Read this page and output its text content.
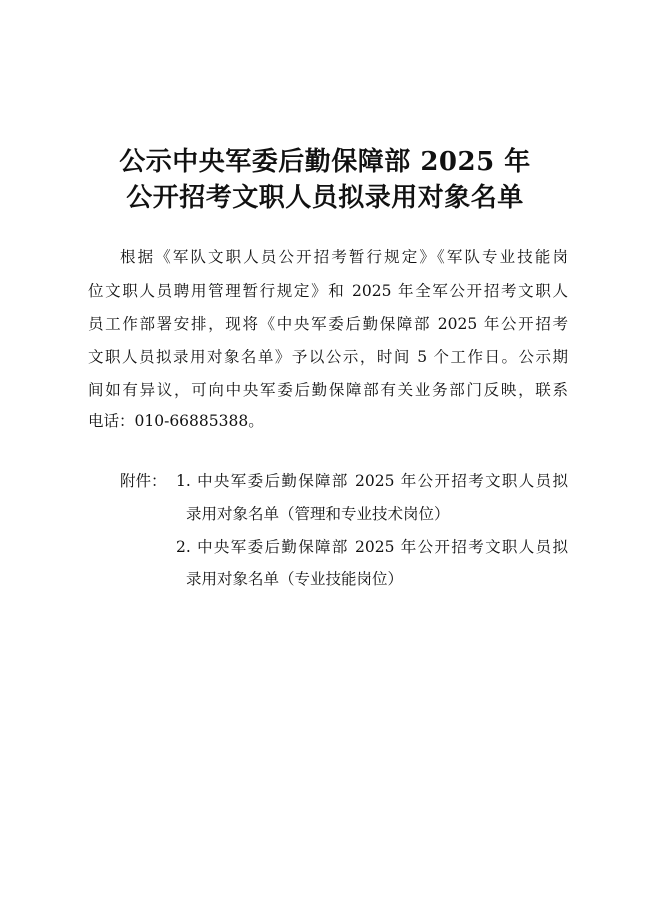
公示中央军委后勤保障部 2025 年
公开招考文职人员拟录用对象名单
根据《军队文职人员公开招考暂行规定》《军队专业技能岗
位文职人员聘用管理暂行规定》和 2025 年全军公开招考文职人
员工作部署安排，现将《中央军委后勤保障部 2025 年公开招考
文职人员拟录用对象名单》予以公示，时间 5 个工作日。公示期
间如有异议，可向中央军委后勤保障部有关业务部门反映，联系
电话：010-66885388。
附件： 1. 中央军委后勤保障部 2025 年公开招考文职人员拟
录用对象名单（管理和专业技术岗位）
2. 中央军委后勤保障部 2025 年公开招考文职人员拟
录用对象名单（专业技能岗位）
